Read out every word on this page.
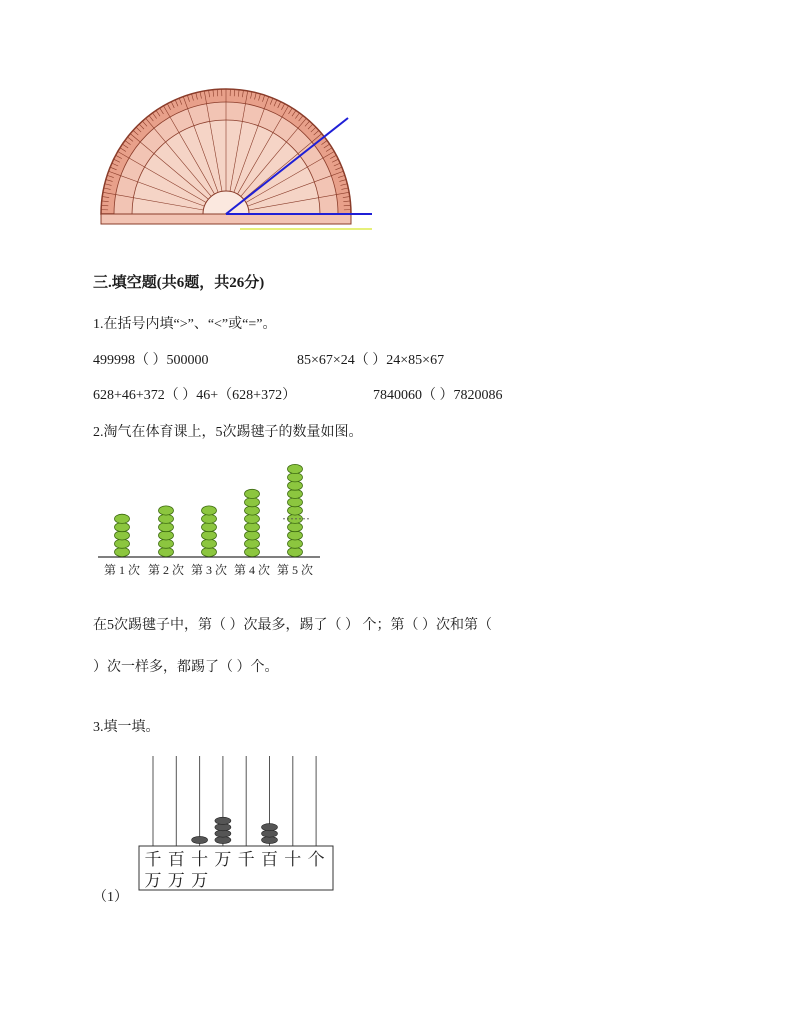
三.填空题(共6题，共26分)
1.在括号内填“>”、“<”或“=”。
499998（ ）500000	85×67×24（ ）24×85×67
628+46+372（ ）46+（628+372）	7840060（ ）7820086
2.淘气在体育课上，5次踢毽子的数量如图。
第 1 次 第 2 次 第 3 次 第 4 次 第 5 次
在5次踢毽子中，第（ ）次最多，踢了（ ） 个；第（ ）次和第（
）次一样多，都踢了（ ）个。
3.填一填。
千 百 十 万 千 百 十 个
万 万 万
（1）
